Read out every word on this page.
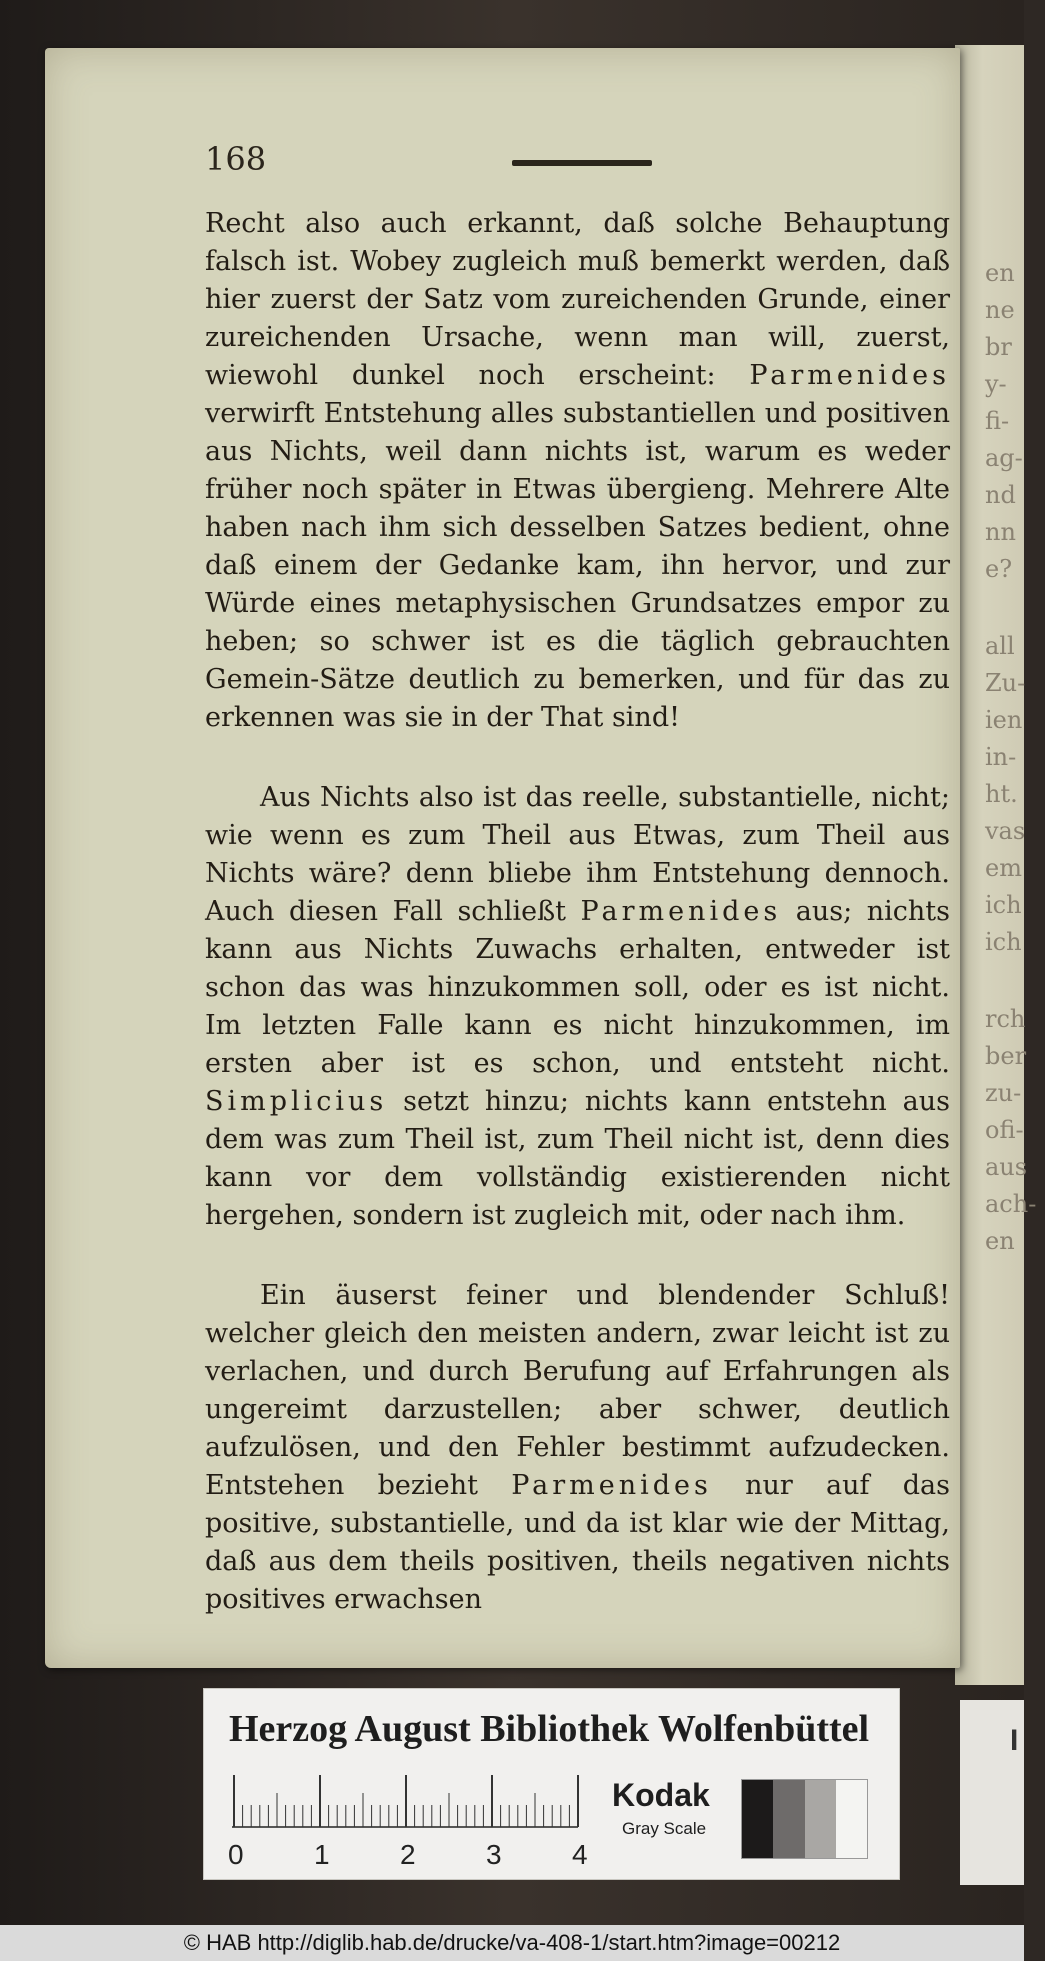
en
ne
br
y-
fi-
ag-
nd
nn
e?
all
Zu-
ien
in-
ht.
vas
em
ich
ich
rch
ber
zu-
ofi-
aus
ach-
en
168

Recht also auch erkannt, daß solche Behauptung falsch ist. Wobey zugleich muß bemerkt werden, daß hier zuerst der Satz vom zureichenden Grunde, einer zureichenden Ursache, wenn man will, zuerst, wiewohl dunkel noch erscheint: Parmenides verwirft Entstehung alles substantiellen und positiven aus Nichts, weil dann nichts ist, warum es weder früher noch später in Etwas übergieng. Mehrere Alte haben nach ihm sich desselben Satzes bedient, ohne daß einem der Gedanke kam, ihn hervor, und zur Würde eines metaphysischen Grundsatzes empor zu heben; so schwer ist es die täglich gebrauchten Gemein-Sätze deutlich zu bemerken, und für das zu erkennen was sie in der That sind!

Aus Nichts also ist das reelle, substantielle, nicht; wie wenn es zum Theil aus Etwas, zum Theil aus Nichts wäre? denn bliebe ihm Entstehung dennoch. Auch diesen Fall schließt Parmenides aus; nichts kann aus Nichts Zuwachs erhalten, entweder ist schon das was hinzukommen soll, oder es ist nicht. Im letzten Falle kann es nicht hinzukommen, im ersten aber ist es schon, und entsteht nicht. Simplicius setzt hinzu; nichts kann entstehn aus dem was zum Theil ist, zum Theil nicht ist, denn dies kann vor dem vollständig existierenden nicht hergehen, sondern ist zugleich mit, oder nach ihm.

Ein äuserst feiner und blendender Schluß! welcher gleich den meisten andern, zwar leicht ist zu verlachen, und durch Berufung auf Erfahrungen als ungereimt darzustellen; aber schwer, deutlich aufzulösen, und den Fehler bestimmt aufzudecken. Entstehen bezieht Parmenides nur auf das positive, substantielle, und da ist klar wie der Mittag, daß aus dem theils positiven, theils negativen nichts positives erwachsen

Herzog August Bibliothek Wolfenbüttel
0	1	2	3	4
Kodak
Gray Scale
I
© HAB http://diglib.hab.de/drucke/va-408-1/start.htm?image=00212
